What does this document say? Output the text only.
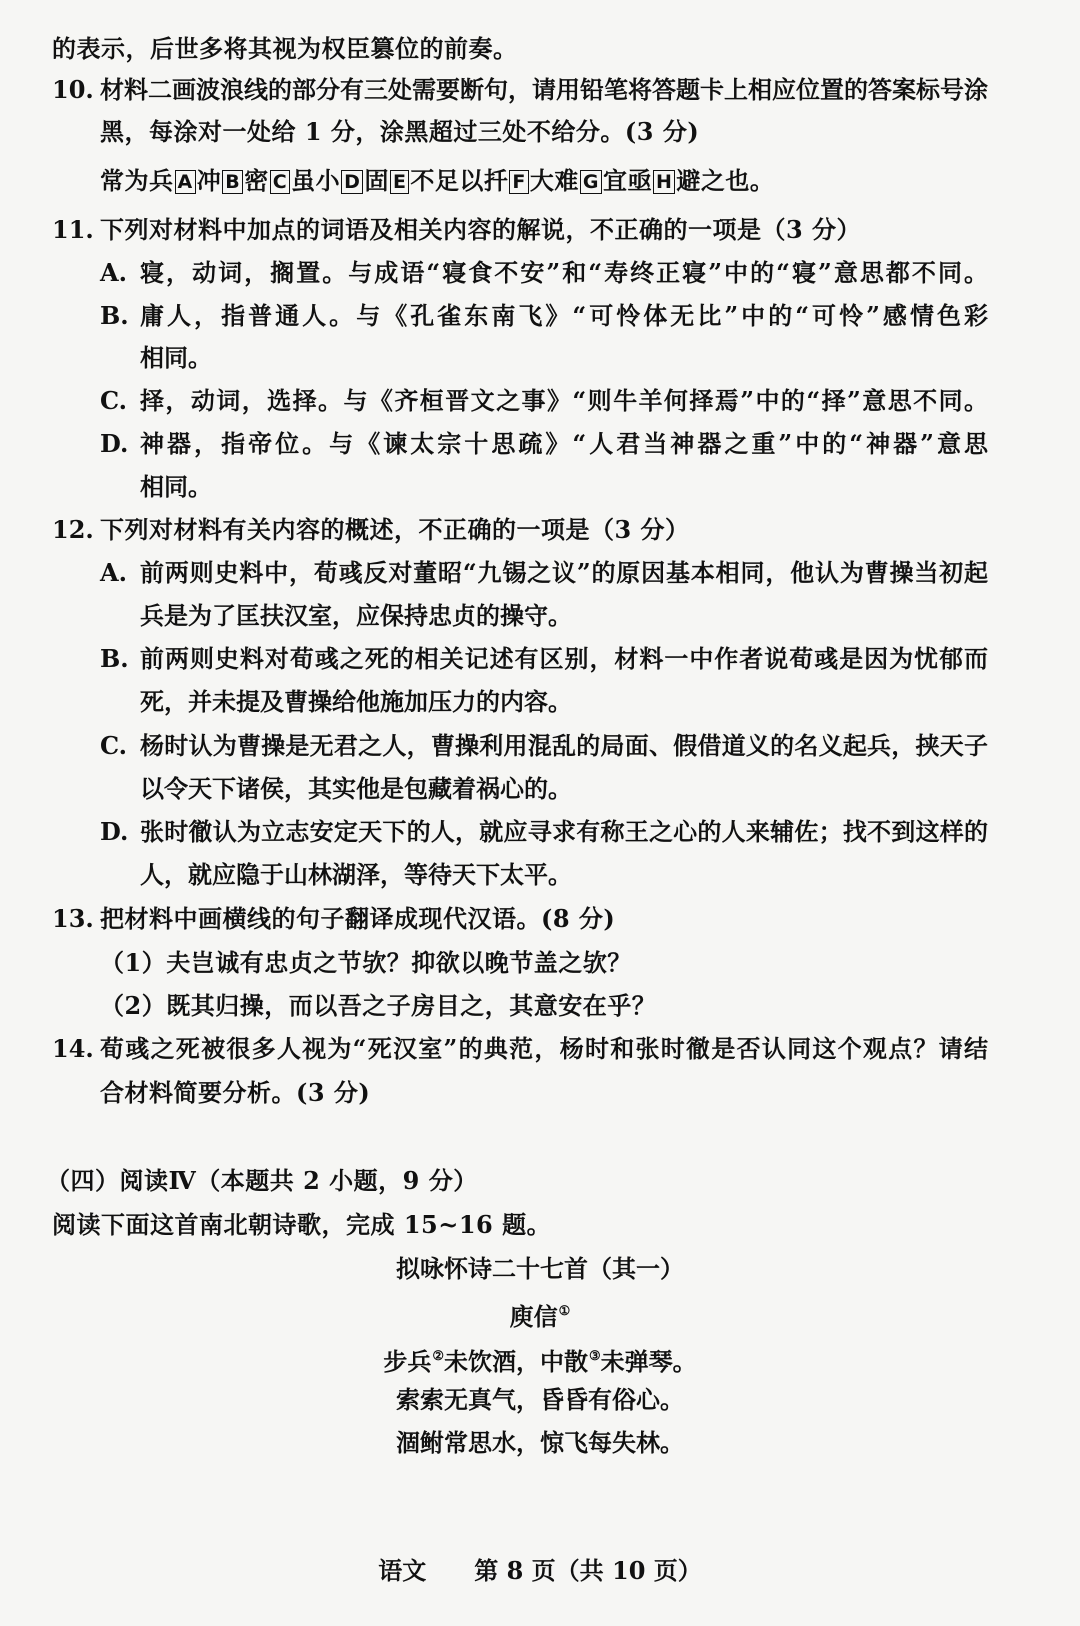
的表示，后世多将其视为权臣篡位的前奏。
10. 材料二画波浪线的部分有三处需要断句，请用铅笔将答题卡上相应位置的答案标号涂
黑，每涂对一处给 1 分，涂黑超过三处不给分。(3 分)
常为兵 A 冲 B 密 C 虽小 D 固 E 不足以扦 F 大难 G 宜亟 H 避之也。
11. 下列对材料中加点的词语及相关内容的解说，不正确的一项是（3 分）
A. 寝，动词，搁置。与成语“寝食不安”和“寿终正寝”中的“寝”意思都不同。
B. 庸人，指普通人。与《孔雀东南飞》“可怜体无比”中的“可怜”感情色彩
相同。
C. 择，动词，选择。与《齐桓晋文之事》“则牛羊何择焉”中的“择”意思不同。
D. 神器，指帝位。与《谏太宗十思疏》“人君当神器之重”中的“神器”意思
相同。
12. 下列对材料有关内容的概述，不正确的一项是（3 分）
A. 前两则史料中，荀彧反对董昭“九锡之议”的原因基本相同，他认为曹操当初起
兵是为了匡扶汉室，应保持忠贞的操守。
B. 前两则史料对荀彧之死的相关记述有区别，材料一中作者说荀彧是因为忧郁而
死，并未提及曹操给他施加压力的内容。
C. 杨时认为曹操是无君之人，曹操利用混乱的局面、假借道义的名义起兵，挟天子
以令天下诸侯，其实他是包藏着祸心的。
D. 张时徹认为立志安定天下的人，就应寻求有称王之心的人来辅佐；找不到这样的
人，就应隐于山林湖泽，等待天下太平。
13. 把材料中画横线的句子翻译成现代汉语。(8 分)
（1）夫岂诚有忠贞之节欤？抑欲以晚节盖之欤？
（2）既其归操，而以吾之子房目之，其意安在乎？
14. 荀彧之死被很多人视为“死汉室”的典范，杨时和张时徹是否认同这个观点？请结
合材料简要分析。(3 分)
（四）阅读Ⅳ（本题共 2 小题，9 分）
阅读下面这首南北朝诗歌，完成 15~16 题。
拟咏怀诗二十七首（其一）
庾信①
步兵②未饮酒，中散③未弹琴。
索索无真气，昏昏有俗心。
涸鲋常思水，惊飞每失林。
语文　　第 8 页（共 10 页）
